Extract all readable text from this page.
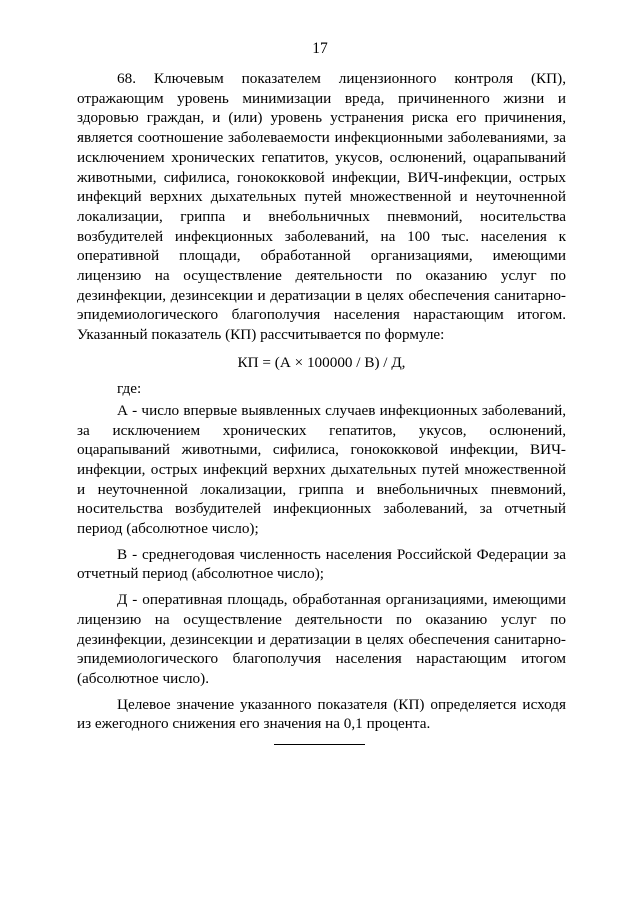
17

68. Ключевым показателем лицензионного контроля (КП), отражающим уровень минимизации вреда, причиненного жизни и здоровью граждан, и (или) уровень устранения риска его причинения, является соотношение заболеваемости инфекционными заболеваниями, за исключением хронических гепатитов, укусов, ослюнений, оцарапываний животными, сифилиса, гонококковой инфекции, ВИЧ-инфекции, острых инфекций верхних дыхательных путей множественной и неуточненной локализации, гриппа и внебольничных пневмоний, носительства возбудителей инфекционных заболеваний, на 100 тыс. населения к оперативной площади, обработанной организациями, имеющими лицензию на осуществление деятельности по оказанию услуг по дезинфекции, дезинсекции и дератизации в целях обеспечения санитарно-эпидемиологического благополучия населения нарастающим итогом. Указанный показатель (КП) рассчитывается по формуле:

КП = (А × 100000 / В) / Д,
где:

А - число впервые выявленных случаев инфекционных заболеваний, за исключением хронических гепатитов, укусов, ослюнений, оцарапываний животными, сифилиса, гонококковой инфекции, ВИЧ-инфекции, острых инфекций верхних дыхательных путей множественной и неуточненной локализации, гриппа и внебольничных пневмоний, носительства возбудителей инфекционных заболеваний, за отчетный период (абсолютное число);

В - среднегодовая численность населения Российской Федерации за отчетный период (абсолютное число);

Д - оперативная площадь, обработанная организациями, имеющими лицензию на осуществление деятельности по оказанию услуг по дезинфекции, дезинсекции и дератизации в целях обеспечения санитарно-эпидемиологического благополучия населения нарастающим итогом (абсолютное число).

Целевое значение указанного показателя (КП) определяется исходя из ежегодного снижения его значения на 0,1 процента.
